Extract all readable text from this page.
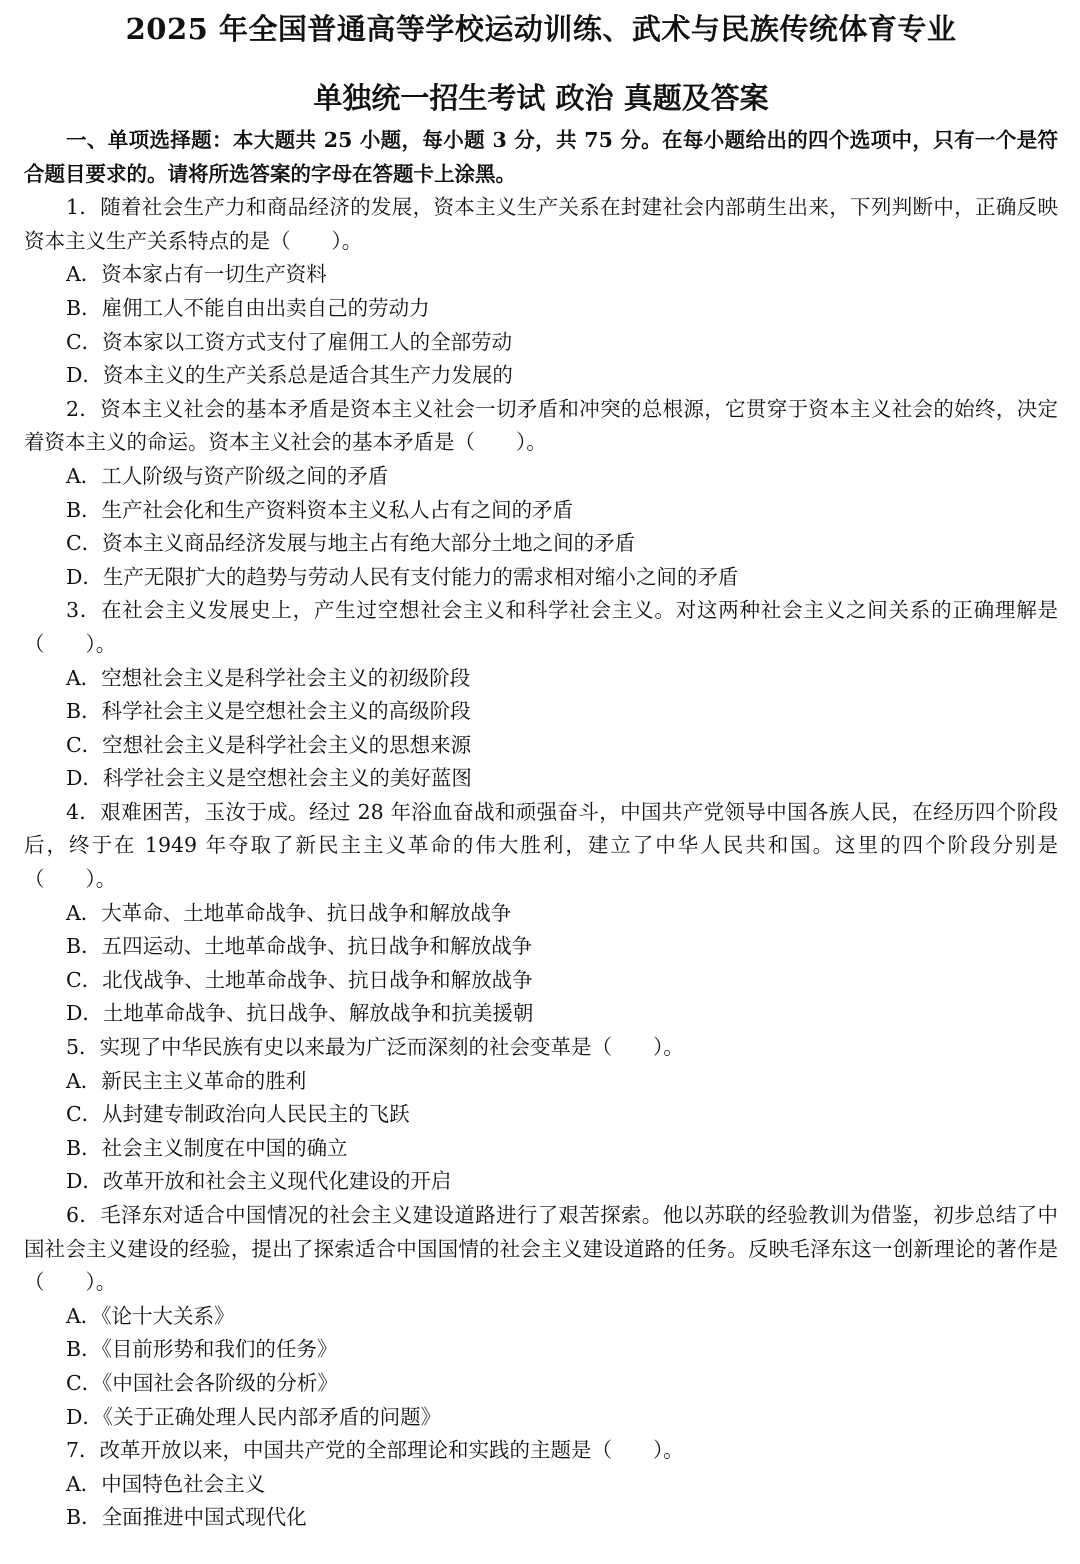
2025 年全国普通高等学校运动训练、武术与民族传统体育专业
单独统一招生考试 政治 真题及答案

一、单项选择题：本大题共 25 小题，每小题 3 分，共 75 分。在每小题给出的四个选项中，只有一个是符合题目要求的。请将所选答案的字母在答题卡上涂黑。

1．随着社会生产力和商品经济的发展，资本主义生产关系在封建社会内部萌生出来，下列判断中，正确反映资本主义生产关系特点的是（　　）。

A．资本家占有一切生产资料

B．雇佣工人不能自由出卖自己的劳动力

C．资本家以工资方式支付了雇佣工人的全部劳动

D．资本主义的生产关系总是适合其生产力发展的

2．资本主义社会的基本矛盾是资本主义社会一切矛盾和冲突的总根源，它贯穿于资本主义社会的始终，决定着资本主义的命运。资本主义社会的基本矛盾是（　　）。

A．工人阶级与资产阶级之间的矛盾

B．生产社会化和生产资料资本主义私人占有之间的矛盾

C．资本主义商品经济发展与地主占有绝大部分土地之间的矛盾

D．生产无限扩大的趋势与劳动人民有支付能力的需求相对缩小之间的矛盾

3．在社会主义发展史上，产生过空想社会主义和科学社会主义。对这两种社会主义之间关系的正确理解是（　　）。

A．空想社会主义是科学社会主义的初级阶段

B．科学社会主义是空想社会主义的高级阶段

C．空想社会主义是科学社会主义的思想来源

D．科学社会主义是空想社会主义的美好蓝图

4．艰难困苦，玉汝于成。经过 28 年浴血奋战和顽强奋斗，中国共产党领导中国各族人民，在经历四个阶段后，终于在 1949 年夺取了新民主主义革命的伟大胜利，建立了中华人民共和国。这里的四个阶段分别是（　　）。

A．大革命、土地革命战争、抗日战争和解放战争

B．五四运动、土地革命战争、抗日战争和解放战争

C．北伐战争、土地革命战争、抗日战争和解放战争

D．土地革命战争、抗日战争、解放战争和抗美援朝

5．实现了中华民族有史以来最为广泛而深刻的社会变革是（　　）。

A．新民主主义革命的胜利

C．从封建专制政治向人民民主的飞跃

B．社会主义制度在中国的确立

D．改革开放和社会主义现代化建设的开启

6．毛泽东对适合中国情况的社会主义建设道路进行了艰苦探索。他以苏联的经验教训为借鉴，初步总结了中国社会主义建设的经验，提出了探索适合中国国情的社会主义建设道路的任务。反映毛泽东这一创新理论的著作是（　　）。

A．《论十大关系》

B．《目前形势和我们的任务》

C．《中国社会各阶级的分析》

D．《关于正确处理人民内部矛盾的问题》

7．改革开放以来，中国共产党的全部理论和实践的主题是（　　）。

A．中国特色社会主义

B．全面推进中国式现代化
